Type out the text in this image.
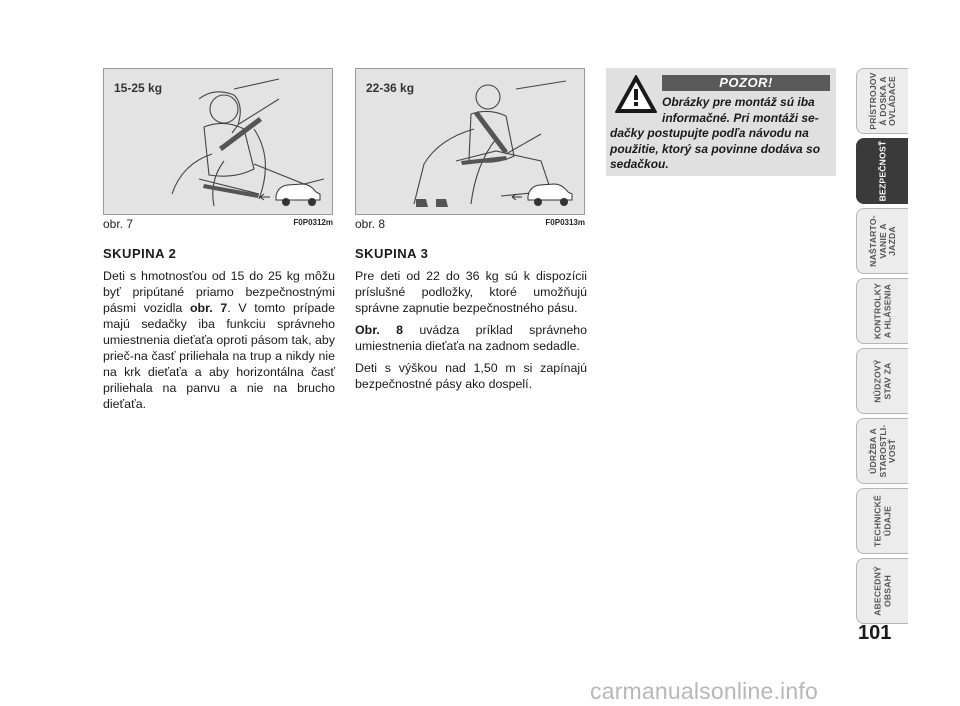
15-25 kg
obr. 7	F0P0312m
22-36 kg
obr. 8	F0P0313m
SKUPINA 2

Deti s hmotnosťou od 15 do 25 kg môžu byť pripútané priamo bezpečnostnými pásmi vozidla obr. 7. V tomto prípade majú sedačky iba funkciu správneho umiestnenia dieťaťa oproti pásom tak, aby prieč-na časť priliehala na trup a nikdy nie na krk dieťaťa a aby horizontálna časť priliehala na panvu a nie na brucho dieťaťa.

SKUPINA 3

Pre deti od 22 do 36 kg sú k dispozícii príslušné podložky, ktoré umožňujú správne zapnutie bezpečnostného pásu.

Obr. 8 uvádza príklad správneho umiestnenia dieťaťa na zadnom sedadle.

Deti s výškou nad 1,50 m si zapínajú bezpečnostné pásy ako dospelí.

POZOR!
Obrázky pre montáž sú iba
informačné. Pri montáži se-
dačky postupujte podľa návodu na
použitie, ktorý sa povinne dodáva so
sedačkou.
PRÍSTROJOV
Á DOSKA A
OVLÁDAČE
BEZPEČNOSŤ
NAŠTARTO-
VANIE A
JAZDA
KONTROLKY
A HLÁSENIA
NÚDZOVÝ
STAV ZA
ÚDRŽBA A
STAROSTLI-
VOSŤ
TECHNICKÉ
ÚDAJE
ABECEDNÝ
OBSAH
101
carmanualsonline.info
